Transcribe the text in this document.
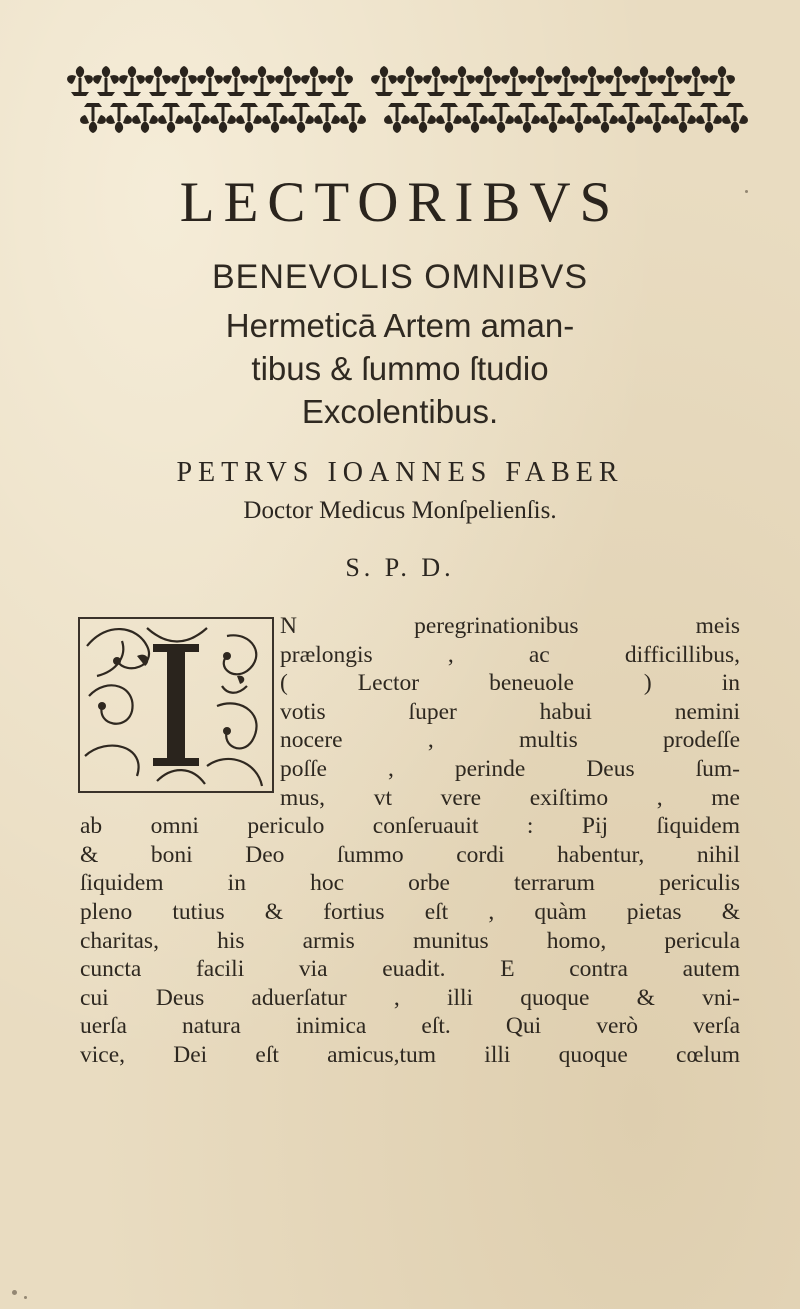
LECTORIBVS

BENEVOLIS OMNIBVS

Hermeticā Artem aman-

tibus & ſummo ſtudio

Excolentibus.

PETRVS IOANNES FABER

Doctor Medicus Monſpelienſis.

S. P. D.

N peregrinationibus meis
prælongis , ac difficillibus,
( Lector beneuole ) in
votis ſuper habui nemini
nocere , multis prodeſſe
poſſe , perinde Deus ſum-
mus, vt vere exiſtimo , me
ab omni periculo conſeruauit : Pij ſiquidem
& boni Deo ſummo cordi habentur, nihil
ſiquidem in hoc orbe terrarum periculis
pleno tutius & fortius eſt , quàm pietas &
charitas, his armis munitus homo, pericula
cuncta facili via euadit. E contra autem
cui Deus aduerſatur , illi quoque & vni-
uerſa natura inimica eſt. Qui verò verſa
vice, Dei eſt amicus,tum illi quoque cœlum
